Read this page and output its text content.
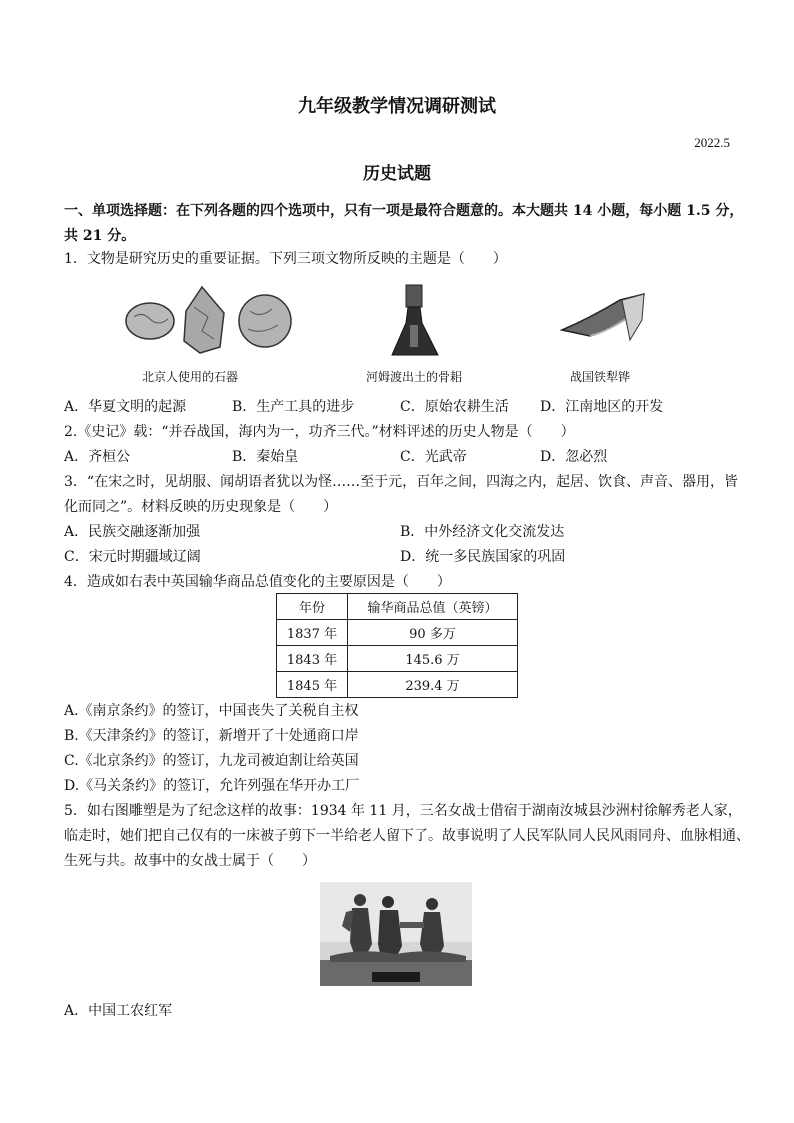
九年级教学情况调研测试
2022.5
历史试题
一、单项选择题：在下列各题的四个选项中，只有一项是最符合题意的。本大题共 14 小题，每小题 1.5 分，
共 21 分。
1．文物是研究历史的重要证据。下列三项文物所反映的主题是（　　）
北京人使用的石器	河姆渡出土的骨耜	战国铁犁铧
A．华夏文明的起源	B．生产工具的进步	C．原始农耕生活 D．江南地区的开发
2.《史记》载：“并吞战国，海内为一，功齐三代。”材料评述的历史人物是（　　）
A．齐桓公	B．秦始皇	C．光武帝	D．忽必烈
3．“在宋之时，见胡服、闻胡语者犹以为怪……至于元，百年之间，四海之内，起居、饮食、声音、器用，皆
化而同之”。材料反映的历史现象是（　　）
A．民族交融逐渐加强	B．中外经济文化交流发达
C．宋元时期疆域辽阔	D．统一多民族国家的巩固
4．造成如右表中英国输华商品总值变化的主要原因是（　　）
年份	输华商品总值（英镑）
1837 年	90 多万
1843 年	145.6 万
1845 年	239.4 万
A.《南京条约》的签订，中国丧失了关税自主权
B.《天津条约》的签订，新增开了十处通商口岸
C.《北京条约》的签订，九龙司被迫割让给英国
D.《马关条约》的签订，允许列强在华开办工厂
5．如右图雕塑是为了纪念这样的故事：1934 年 11 月，三名女战士借宿于湖南汝城县沙洲村徐解秀老人家，
临走时，她们把自己仅有的一床被子剪下一半给老人留下了。故事说明了人民军队同人民风雨同舟、血脉相通、
生死与共。故事中的女战士属于（　　）
A．中国工农红军
